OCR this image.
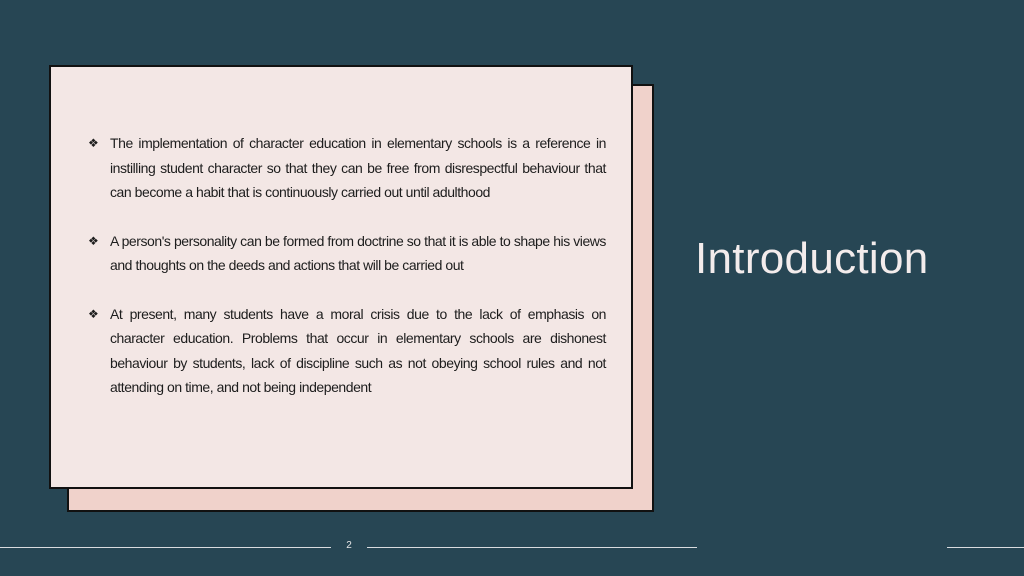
❖ The implementation of character education in elementary schools is a reference in instilling student character so that they can be free from disrespectful behaviour that can become a habit that is continuously carried out until adulthood
❖ A person's personality can be formed from doctrine so that it is able to shape his views and thoughts on the deeds and actions that will be carried out
❖ At present, many students have a moral crisis due to the lack of emphasis on character education. Problems that occur in elementary schools are dishonest behaviour by students, lack of discipline such as not obeying school rules and not attending on time, and not being independent
Introduction
2
